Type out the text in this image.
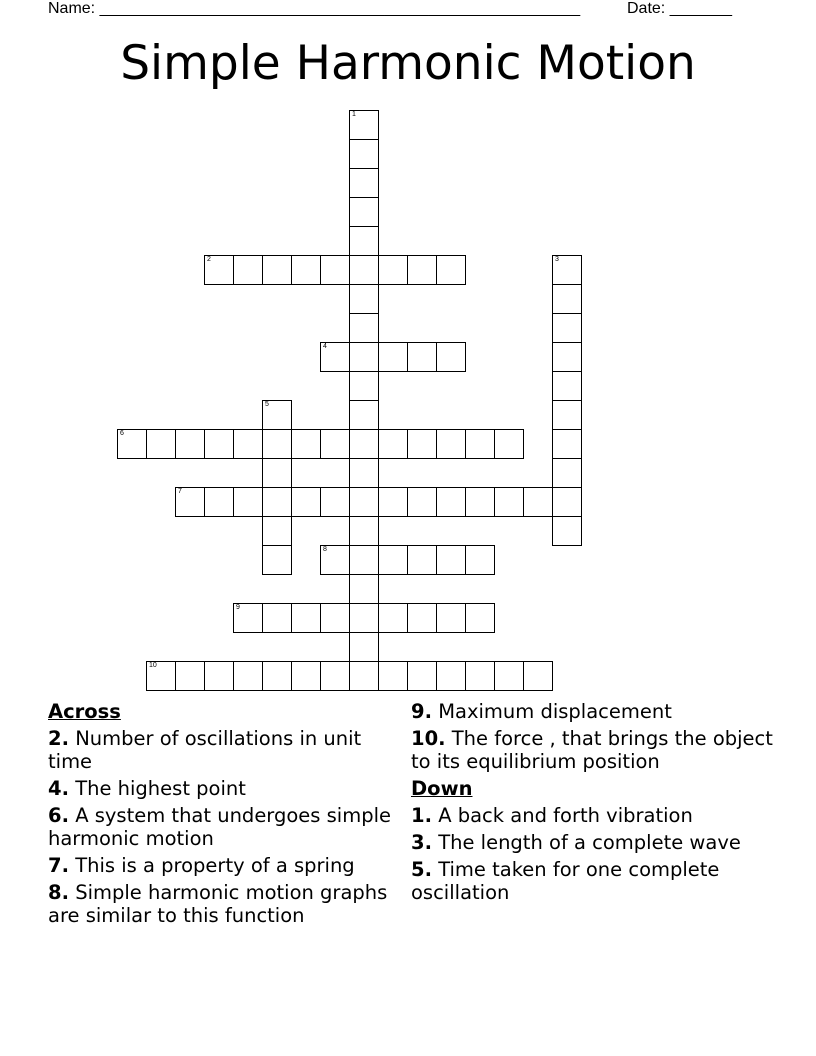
Name: ______________________________________________________	Date: _______
Simple Harmonic Motion
1
2	3
4
5
6
7
8
9
10
Across
2. Number of oscillations in unit time
4. The highest point
6. A system that undergoes simple harmonic motion
7. This is a property of a spring
8. Simple harmonic motion graphs are similar to this function
9. Maximum displacement
10. The force , that brings the object to its equilibrium position
Down
1. A back and forth vibration
3. The length of a complete wave
5. Time taken for one complete oscillation
